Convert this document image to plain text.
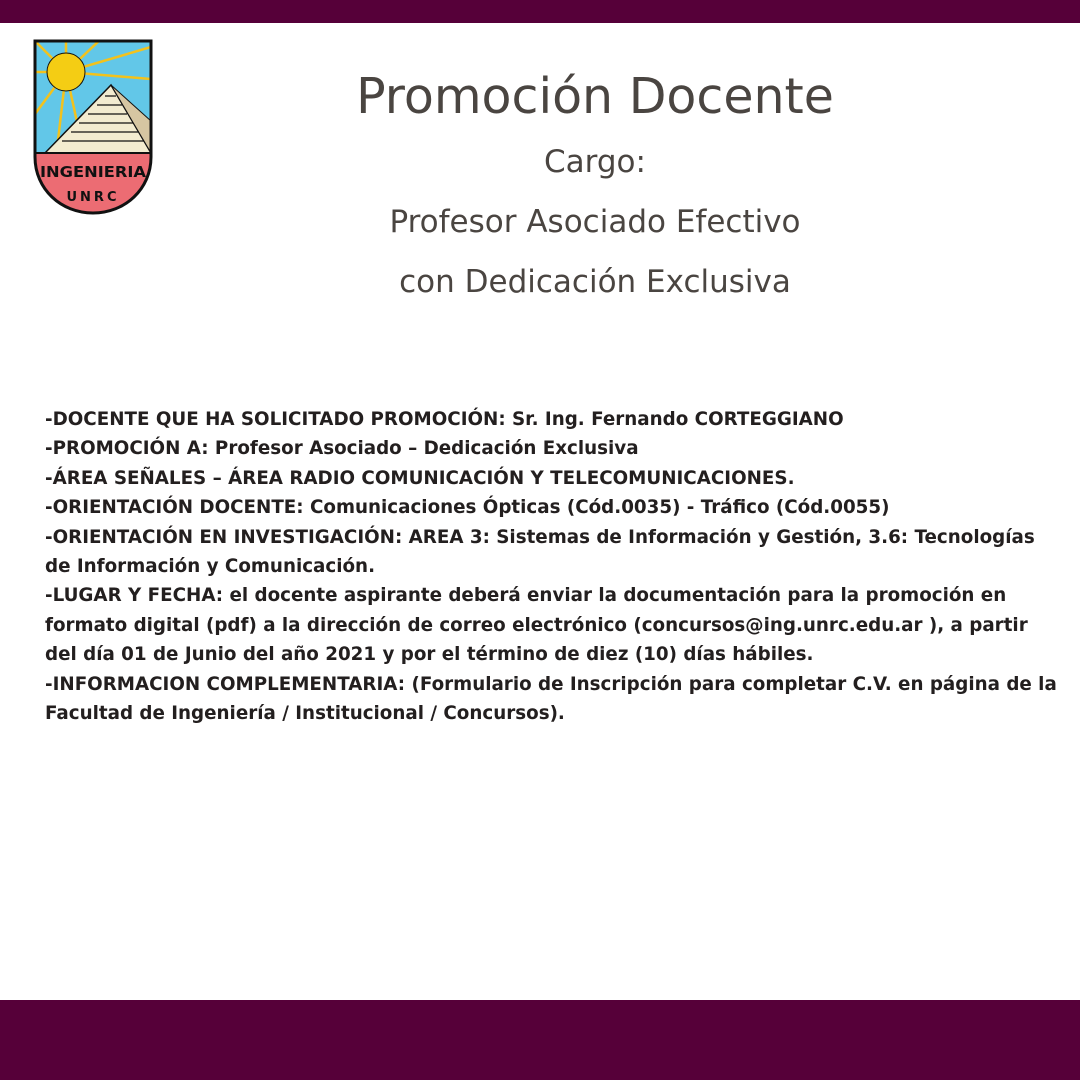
INGENIERIA
UNRC
Promoción Docente
Cargo:
Profesor Asociado Efectivo
con Dedicación Exclusiva

-DOCENTE QUE HA SOLICITADO PROMOCIÓN: Sr. Ing. Fernando CORTEGGIANO

-PROMOCIÓN A: Profesor Asociado – Dedicación Exclusiva

-ÁREA SEÑALES – ÁREA RADIO COMUNICACIÓN Y TELECOMUNICACIONES.

-ORIENTACIÓN DOCENTE: Comunicaciones Ópticas (Cód.0035) - Tráfico (Cód.0055)

-ORIENTACIÓN EN INVESTIGACIÓN: AREA 3: Sistemas de Información y Gestión, 3.6: Tecnologías de Información y Comunicación.

-LUGAR Y FECHA: el docente aspirante deberá enviar la documentación para la promoción en formato digital (pdf) a la dirección de correo electrónico (concursos@ing.unrc.edu.ar ), a partir del día 01 de Junio del año 2021 y por el término de diez (10) días hábiles.

-INFORMACION COMPLEMENTARIA: (Formulario de Inscripción para completar C.V. en página de la Facultad de Ingeniería / Institucional / Concursos).
